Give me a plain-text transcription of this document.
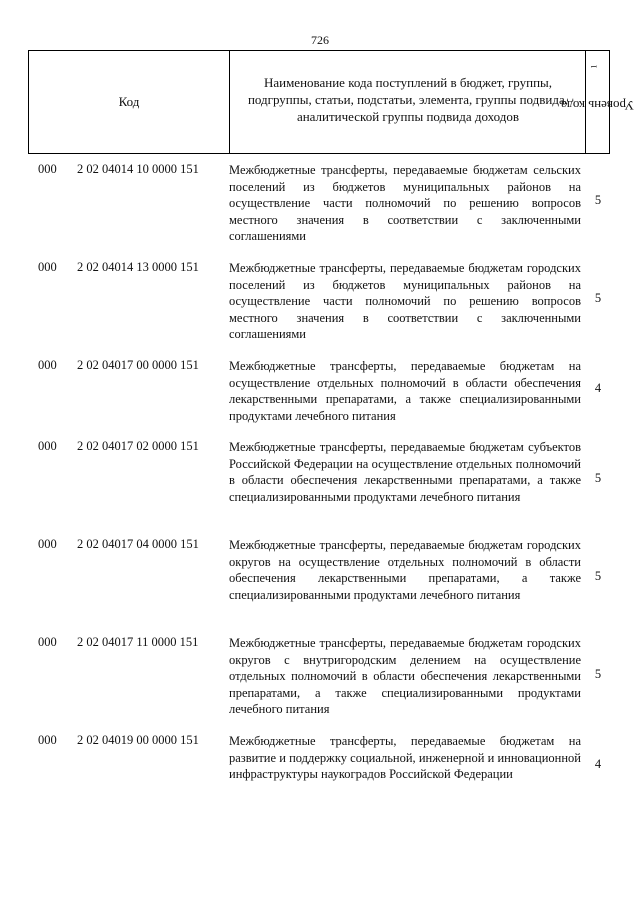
726
Код
Наименование кода поступлений в бюджет, группы, подгруппы, статьи, подстатьи, элемента, группы подвида, аналитической группы подвида доходов
Уровень кода$^1$
000 2 02 04014 10 0000 151 Межбюджетные трансферты, передаваемые бюджетам сельских поселений из бюджетов муниципальных районов на осуществление части полномочий по решению вопросов местного значения в соответствии с заключенными соглашениями
5
000 2 02 04014 13 0000 151 Межбюджетные трансферты, передаваемые бюджетам городских поселений из бюджетов муниципальных районов на осуществление части полномочий по решению вопросов местного значения в соответствии с заключенными соглашениями
5
000 2 02 04017 00 0000 151 Межбюджетные трансферты, передаваемые бюджетам на осуществление отдельных полномочий в области обеспечения лекарственными препаратами, а также специализированными продуктами лечебного питания
4
000 2 02 04017 02 0000 151 Межбюджетные трансферты, передаваемые бюджетам субъектов Российской Федерации на осуществление отдельных полномочий в области обеспечения лекарственными препаратами, а также специализированными продуктами лечебного питания
5
000 2 02 04017 04 0000 151 Межбюджетные трансферты, передаваемые бюджетам городских округов на осуществление отдельных полномочий в области обеспечения лекарственными препаратами, а также специализированными продуктами лечебного питания
5
000 2 02 04017 11 0000 151 Межбюджетные трансферты, передаваемые бюджетам городских округов с внутригородским делением на осуществление отдельных полномочий в области обеспечения лекарственными препаратами, а также специализированными продуктами лечебного питания
5
000 2 02 04019 00 0000 151 Межбюджетные трансферты, передаваемые бюджетам на развитие и поддержку социальной, инженерной и инновационной инфраструктуры наукоградов Российской Федерации
4
